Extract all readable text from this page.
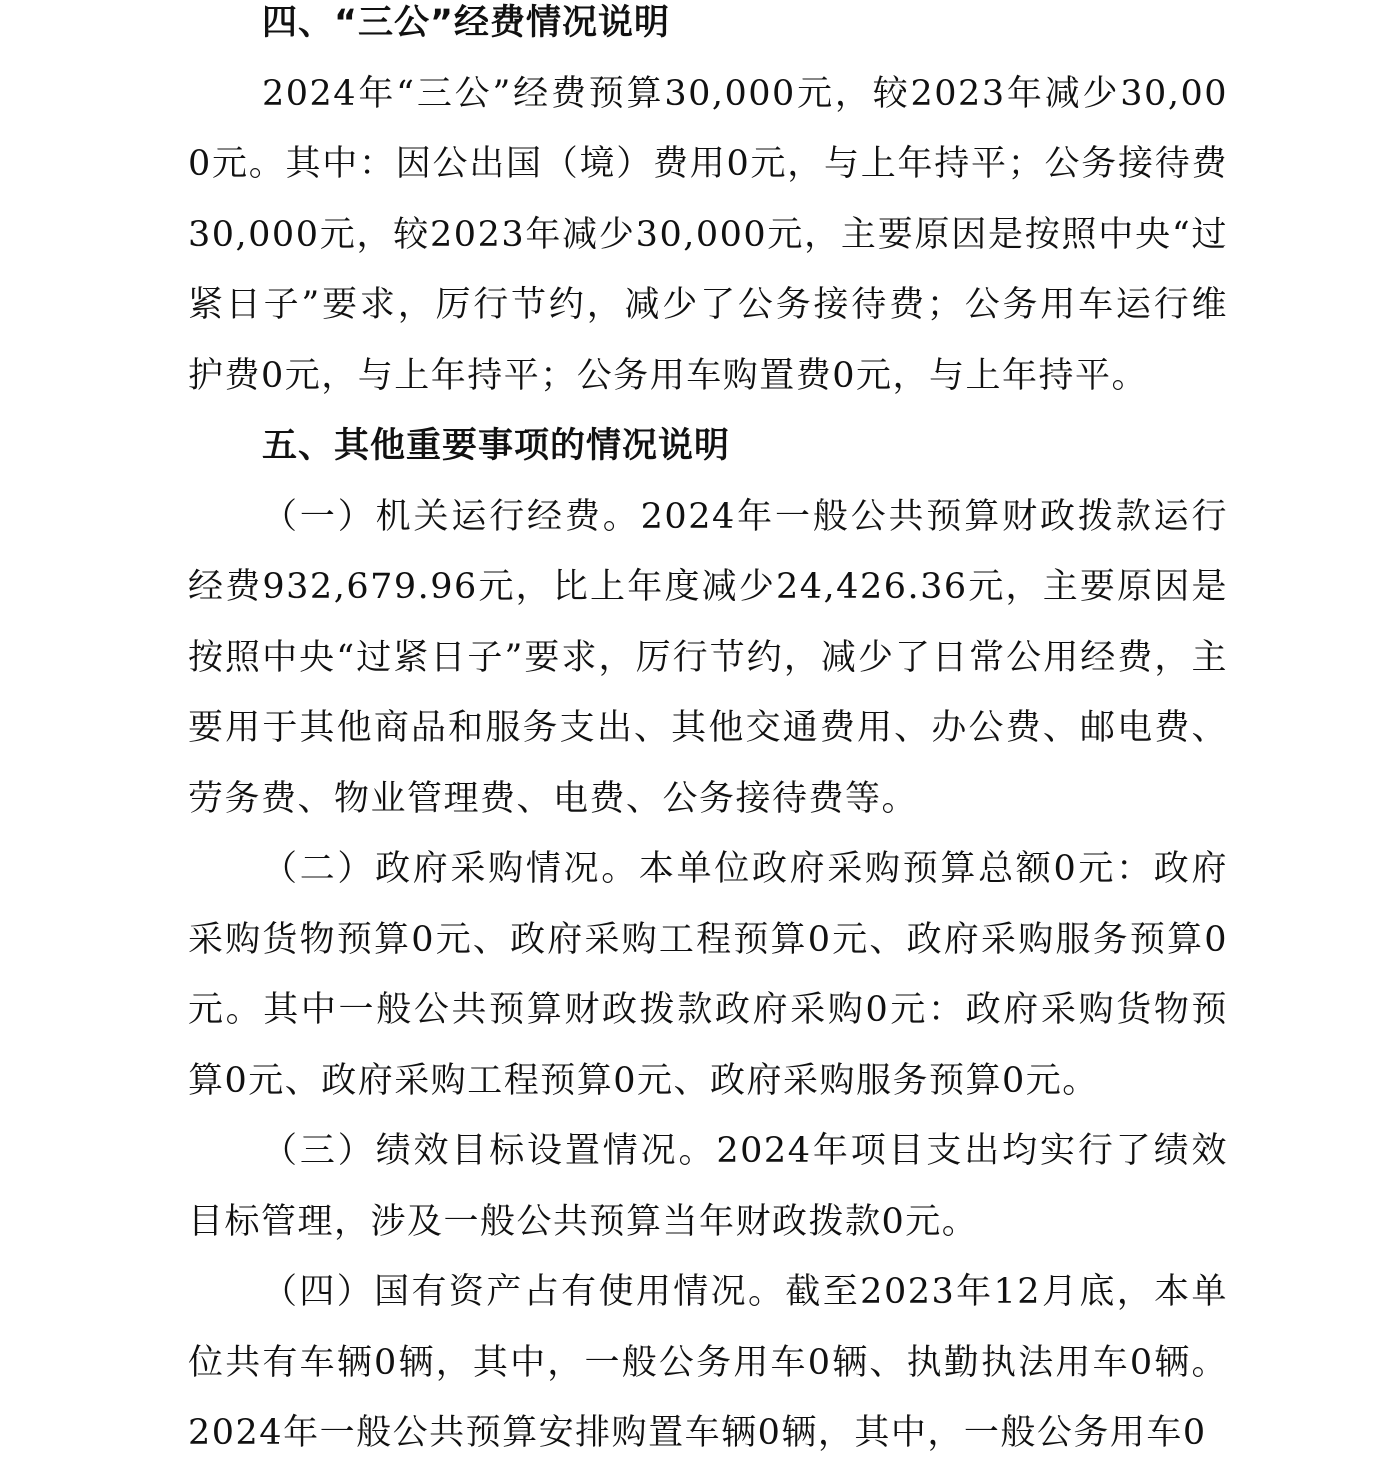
四、“三公”经费情况说明

2024年“三公”经费预算30,000元，较2023年减少30,000元。其中：因公出国（境）费用0元，与上年持平；公务接待费30,000元，较2023年减少30,000元，主要原因是按照中央“过紧日子”要求，厉行节约，减少了公务接待费；公务用车运行维护费0元，与上年持平；公务用车购置费0元，与上年持平。

五、其他重要事项的情况说明

（一）机关运行经费。2024年一般公共预算财政拨款运行经费932,679.96元，比上年度减少24,426.36元，主要原因是按照中央“过紧日子”要求，厉行节约，减少了日常公用经费，主要用于其他商品和服务支出、其他交通费用、办公费、邮电费、劳务费、物业管理费、电费、公务接待费等。

（二）政府采购情况。本单位政府采购预算总额0元：政府采购货物预算0元、政府采购工程预算0元、政府采购服务预算0元。其中一般公共预算财政拨款政府采购0元：政府采购货物预算0元、政府采购工程预算0元、政府采购服务预算0元。

（三）绩效目标设置情况。2024年项目支出均实行了绩效目标管理，涉及一般公共预算当年财政拨款0元。

（四）国有资产占有使用情况。截至2023年12月底，本单位共有车辆0辆，其中，一般公务用车0辆、执勤执法用车0辆。2024年一般公共预算安排购置车辆0辆，其中，一般公务用车0
